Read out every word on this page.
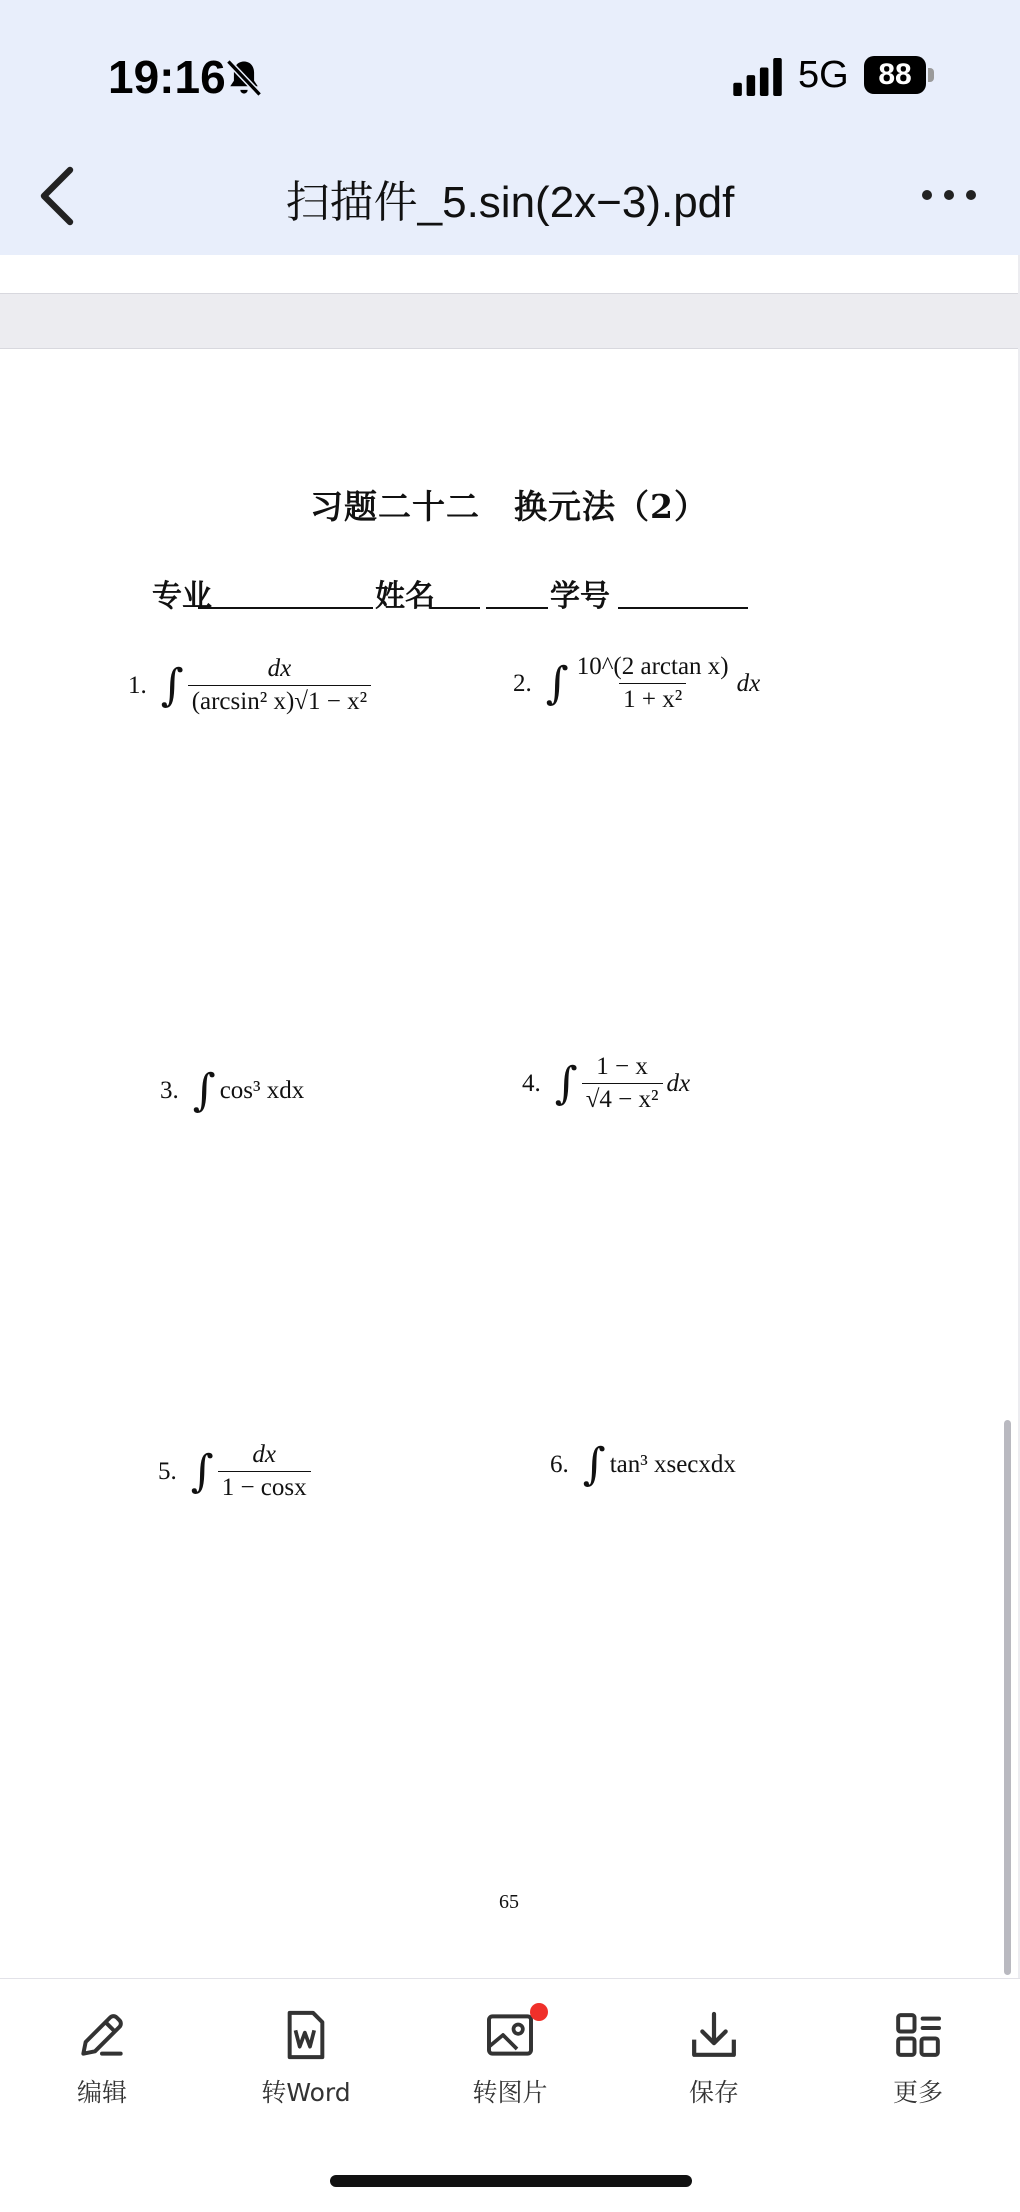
19:16	5G 88
扫描件_5.sin(2x−3).pdf
习题二十二　换元法（2）
专业	姓名	学号
1. ∫ $\frac{dx}{\text{(arcsin² x)√1 − x²}}$	2. ∫ $\frac{\text{10\textasciicircum{}(2 arctan x)}}{\text{1 + x²}}$ dx
3. ∫ cos³ xdx	4. ∫ $\frac{1 - x}{\text{√4 − x²}}$ dx
5. ∫ $\frac{dx}{1 - \cos x}$	6. ∫ tan³ xsecxdx
65
编辑	转Word	转图片	保存	更多
